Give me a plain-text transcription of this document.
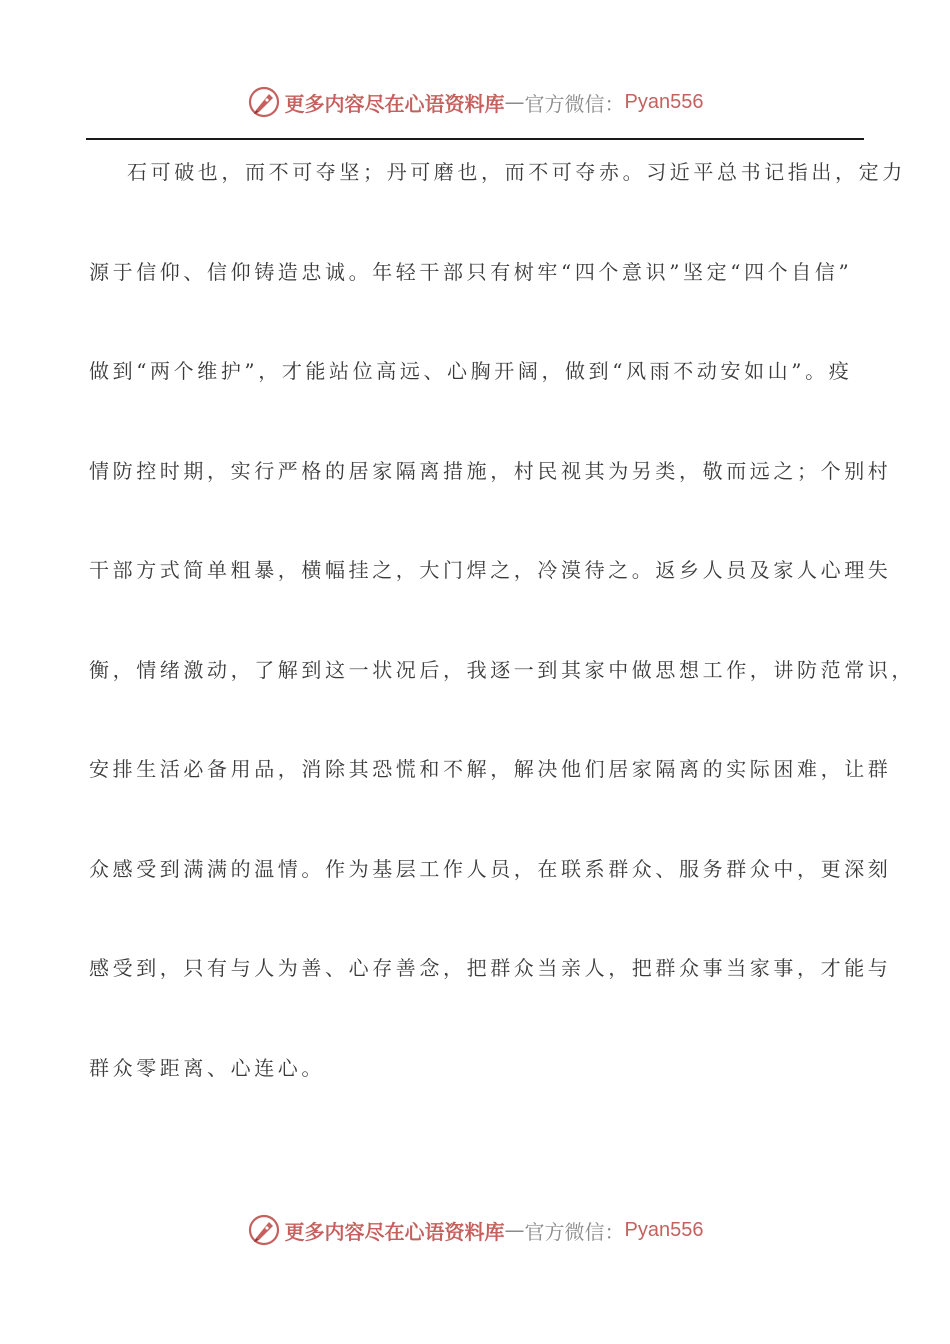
更多内容尽在心语资料库 — 官方微信： Pyan556
石可破也，而不可夺坚；丹可磨也，而不可夺赤。习近平总书记指出，定力
源于信仰、信仰铸造忠诚。年轻干部只有树牢“四个意识”坚定“四个自信”
做到“两个维护”，才能站位高远、心胸开阔，做到“风雨不动安如山”。疫
情防控时期，实行严格的居家隔离措施，村民视其为另类，敬而远之；个别村
干部方式简单粗暴，横幅挂之，大门焊之，冷漠待之。返乡人员及家人心理失
衡，情绪激动，了解到这一状况后，我逐一到其家中做思想工作，讲防范常识，
安排生活必备用品，消除其恐慌和不解，解决他们居家隔离的实际困难，让群
众感受到满满的温情。作为基层工作人员，在联系群众、服务群众中，更深刻
感受到，只有与人为善、心存善念，把群众当亲人，把群众事当家事，才能与
群众零距离、心连心。
更多内容尽在心语资料库 — 官方微信： Pyan556
